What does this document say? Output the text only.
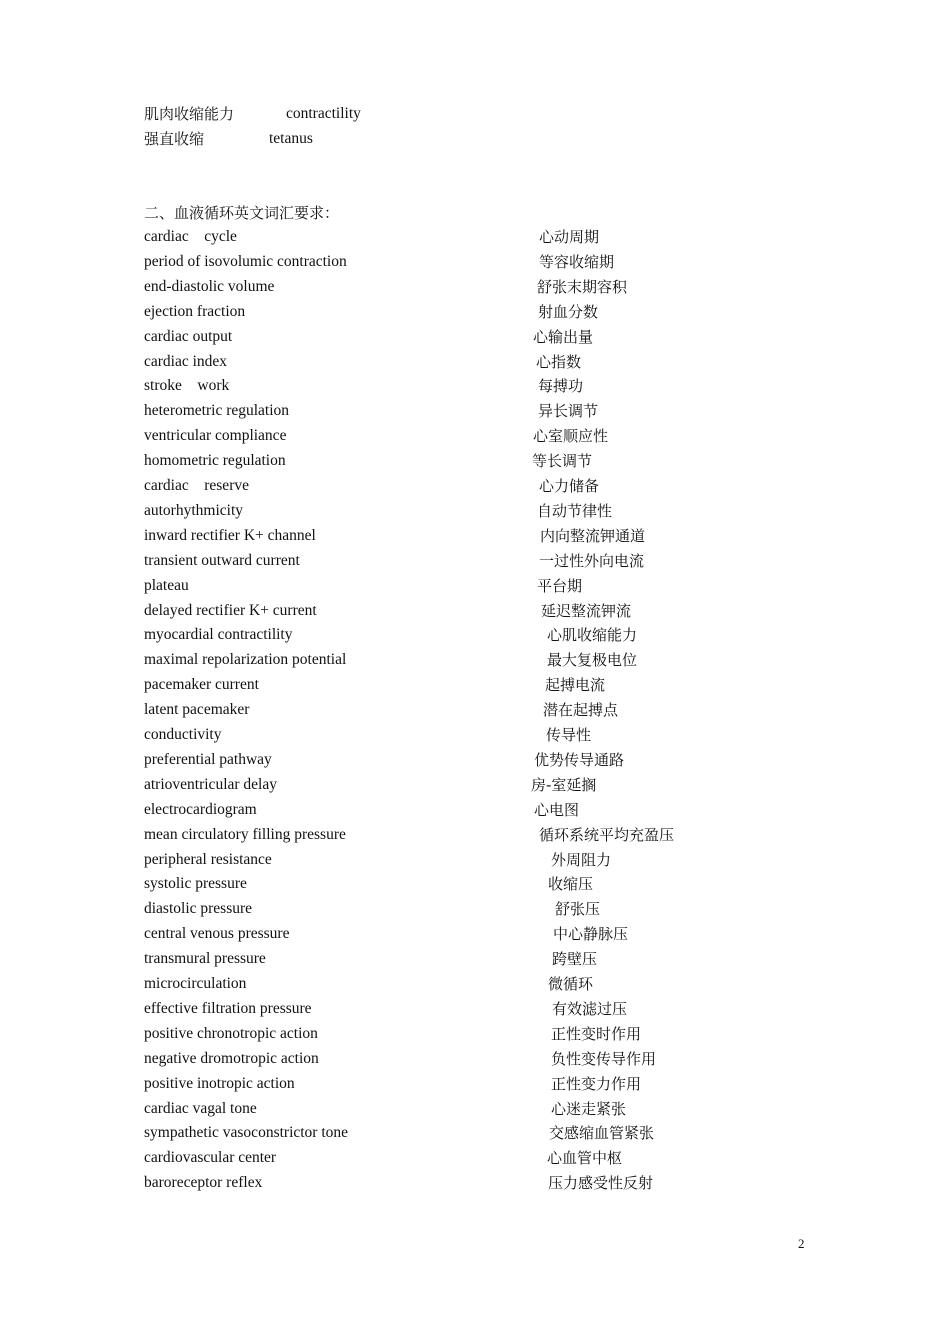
肌肉收缩能力	contractility
强直收缩	tetanus
二、血液循环英文词汇要求：
cardiac    cycle	心动周期
period of isovolumic contraction	等容收缩期
end-diastolic volume	舒张末期容积
ejection fraction	射血分数
cardiac output	心输出量
cardiac index	心指数
stroke    work	每搏功
heterometric regulation	异长调节
ventricular compliance	心室顺应性
homometric regulation	等长调节
cardiac    reserve	心力储备
autorhythmicity	自动节律性
inward rectifier K+ channel	内向整流钾通道
transient outward current	一过性外向电流
plateau	平台期
delayed rectifier K+ current	延迟整流钾流
myocardial contractility	心肌收缩能力
maximal repolarization potential	最大复极电位
pacemaker current	起搏电流
latent pacemaker	潜在起搏点
conductivity	传导性
preferential pathway	优势传导通路
atrioventricular delay	房-室延搁
electrocardiogram	心电图
mean circulatory filling pressure	循环系统平均充盈压
peripheral resistance	外周阻力
systolic pressure	收缩压
diastolic pressure	舒张压
central venous pressure	中心静脉压
transmural pressure	跨壁压
microcirculation	微循环
effective filtration pressure	有效滤过压
positive chronotropic action	正性变时作用
negative dromotropic action	负性变传导作用
positive inotropic action	正性变力作用
cardiac vagal tone	心迷走紧张
sympathetic vasoconstrictor tone	交感缩血管紧张
cardiovascular center	心血管中枢
baroreceptor reflex	压力感受性反射
2
